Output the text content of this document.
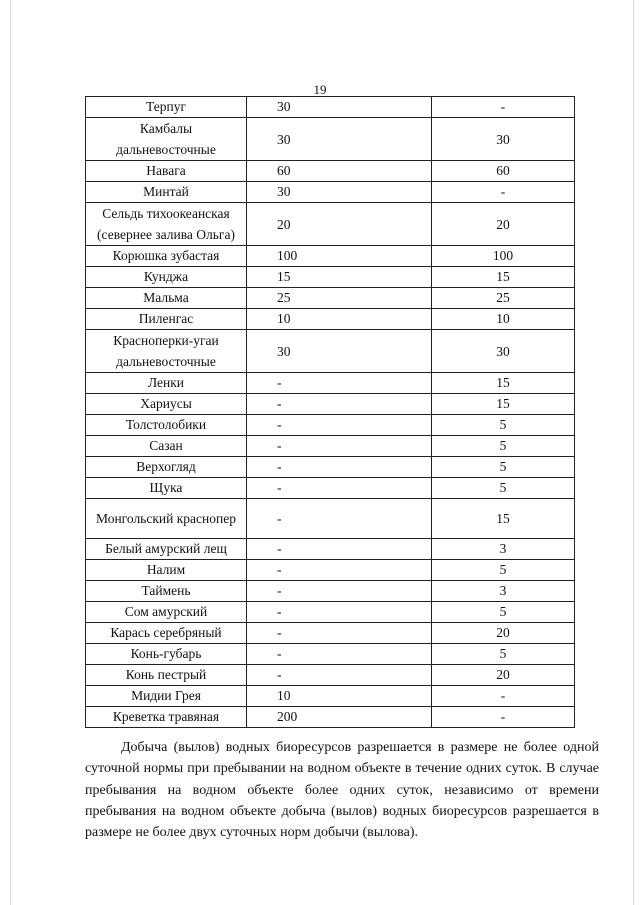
19
Терпуг	30	-
Камбалы дальневосточные	30	30
Навага	60	60
Минтай	30	-
Сельдь тихоокеанская (севернее залива Ольга)	20	20
Корюшка зубастая	100	100
Кунджа	15	15
Мальма	25	25
Пиленгас	10	10
Красноперки-угаи дальневосточные	30	30
Ленки	-	15
Хариусы	-	15
Толстолобики	-	5
Сазан	-	5
Верхогляд	-	5
Щука	-	5
Монгольский краснопер	-	15
Белый амурский лещ	-	3
Налим	-	5
Таймень	-	3
Сом амурский	-	5
Карась серебряный	-	20
Конь-губарь	-	5
Конь пестрый	-	20
Мидии Грея	10	-
Креветка травяная	200	-
Добыча (вылов) водных биоресурсов разрешается в размере не более одной суточной нормы при пребывании на водном объекте в течение одних суток. В случае пребывания на водном объекте более одних суток, независимо от времени пребывания на водном объекте добыча (вылов) водных биоресурсов разрешается в размере не более двух суточных норм добычи (вылова).
